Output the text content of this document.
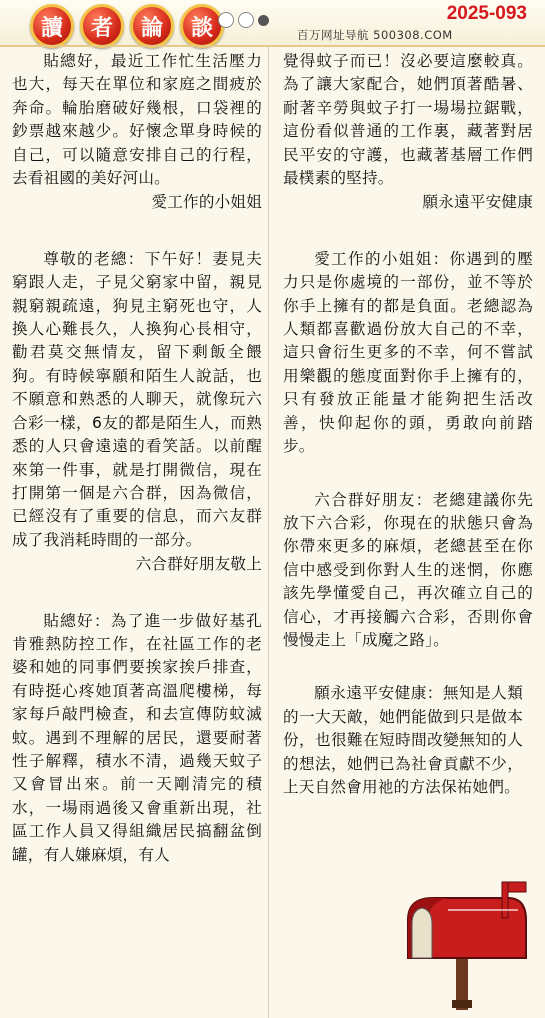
讀	者	論	談
2025-093
百万网址导航 500308.COM

貼總好，最近工作忙生活壓力也大，每天在單位和家庭之間疲於奔命。輪胎磨破好幾根，口袋裡的鈔票越來越少。好懷念單身時候的自己，可以隨意安排自己的行程，去看祖國的美好河山。

愛工作的小姐姐

尊敬的老總：下午好！妻見夫窮跟人走，子見父窮家中留，親見親窮親疏遠，狗見主窮死也守，人換人心難長久，人換狗心長相守，勸君莫交無情友，留下剩飯全餵狗。有時候寧願和陌生人說話，也不願意和熟悉的人聊天，就像玩六合彩一樣，6友的都是陌生人，而熟悉的人只會遠遠的看笑話。以前醒來第一件事，就是打開微信，現在打開第一個是六合群，因為微信，已經沒有了重要的信息，而六友群成了我消耗時間的一部分。

六合群好朋友敬上

貼總好：為了進一步做好基孔肯雅熱防控工作，在社區工作的老婆和她的同事們要挨家挨戶排查，有時挺心疼她頂著高溫爬樓梯，每家每戶敲門檢查，和去宣傳防蚊滅蚊。遇到不理解的居民，還要耐著性子解釋，積水不清，過幾天蚊子又會冒出來。前一天剛清完的積水，一場雨過後又會重新出現，社區工作人員又得組織居民搞翻盆倒罐，有人嫌麻煩，有人

覺得蚊子而已！沒必要這麼較真。為了讓大家配合，她們頂著酷暑、耐著辛勞與蚊子打一場場拉鋸戰，這份看似普通的工作裏，藏著對居民平安的守護，也藏著基層工作們最樸素的堅持。

願永遠平安健康

愛工作的小姐姐：你遇到的壓力只是你處境的一部份，並不等於你手上擁有的都是負面。老總認為人類都喜歡過份放大自己的不幸，這只會衍生更多的不幸，何不嘗試用樂觀的態度面對你手上擁有的，只有發放正能量才能夠把生活改善，快仰起你的頭，勇敢向前踏步。

六合群好朋友：老總建議你先放下六合彩，你現在的狀態只會為你帶來更多的麻煩，老總甚至在你信中感受到你對人生的迷惘，你應該先學懂愛自己，再次確立自己的信心，才再接觸六合彩，否則你會慢慢走上「成魔之路」。

願永遠平安健康：無知是人類的一大天敵，她們能做到只是做本份，也很難在短時間改變無知的人的想法，她們已為社會貢獻不少，上天自然會用祂的方法保祐她們。
